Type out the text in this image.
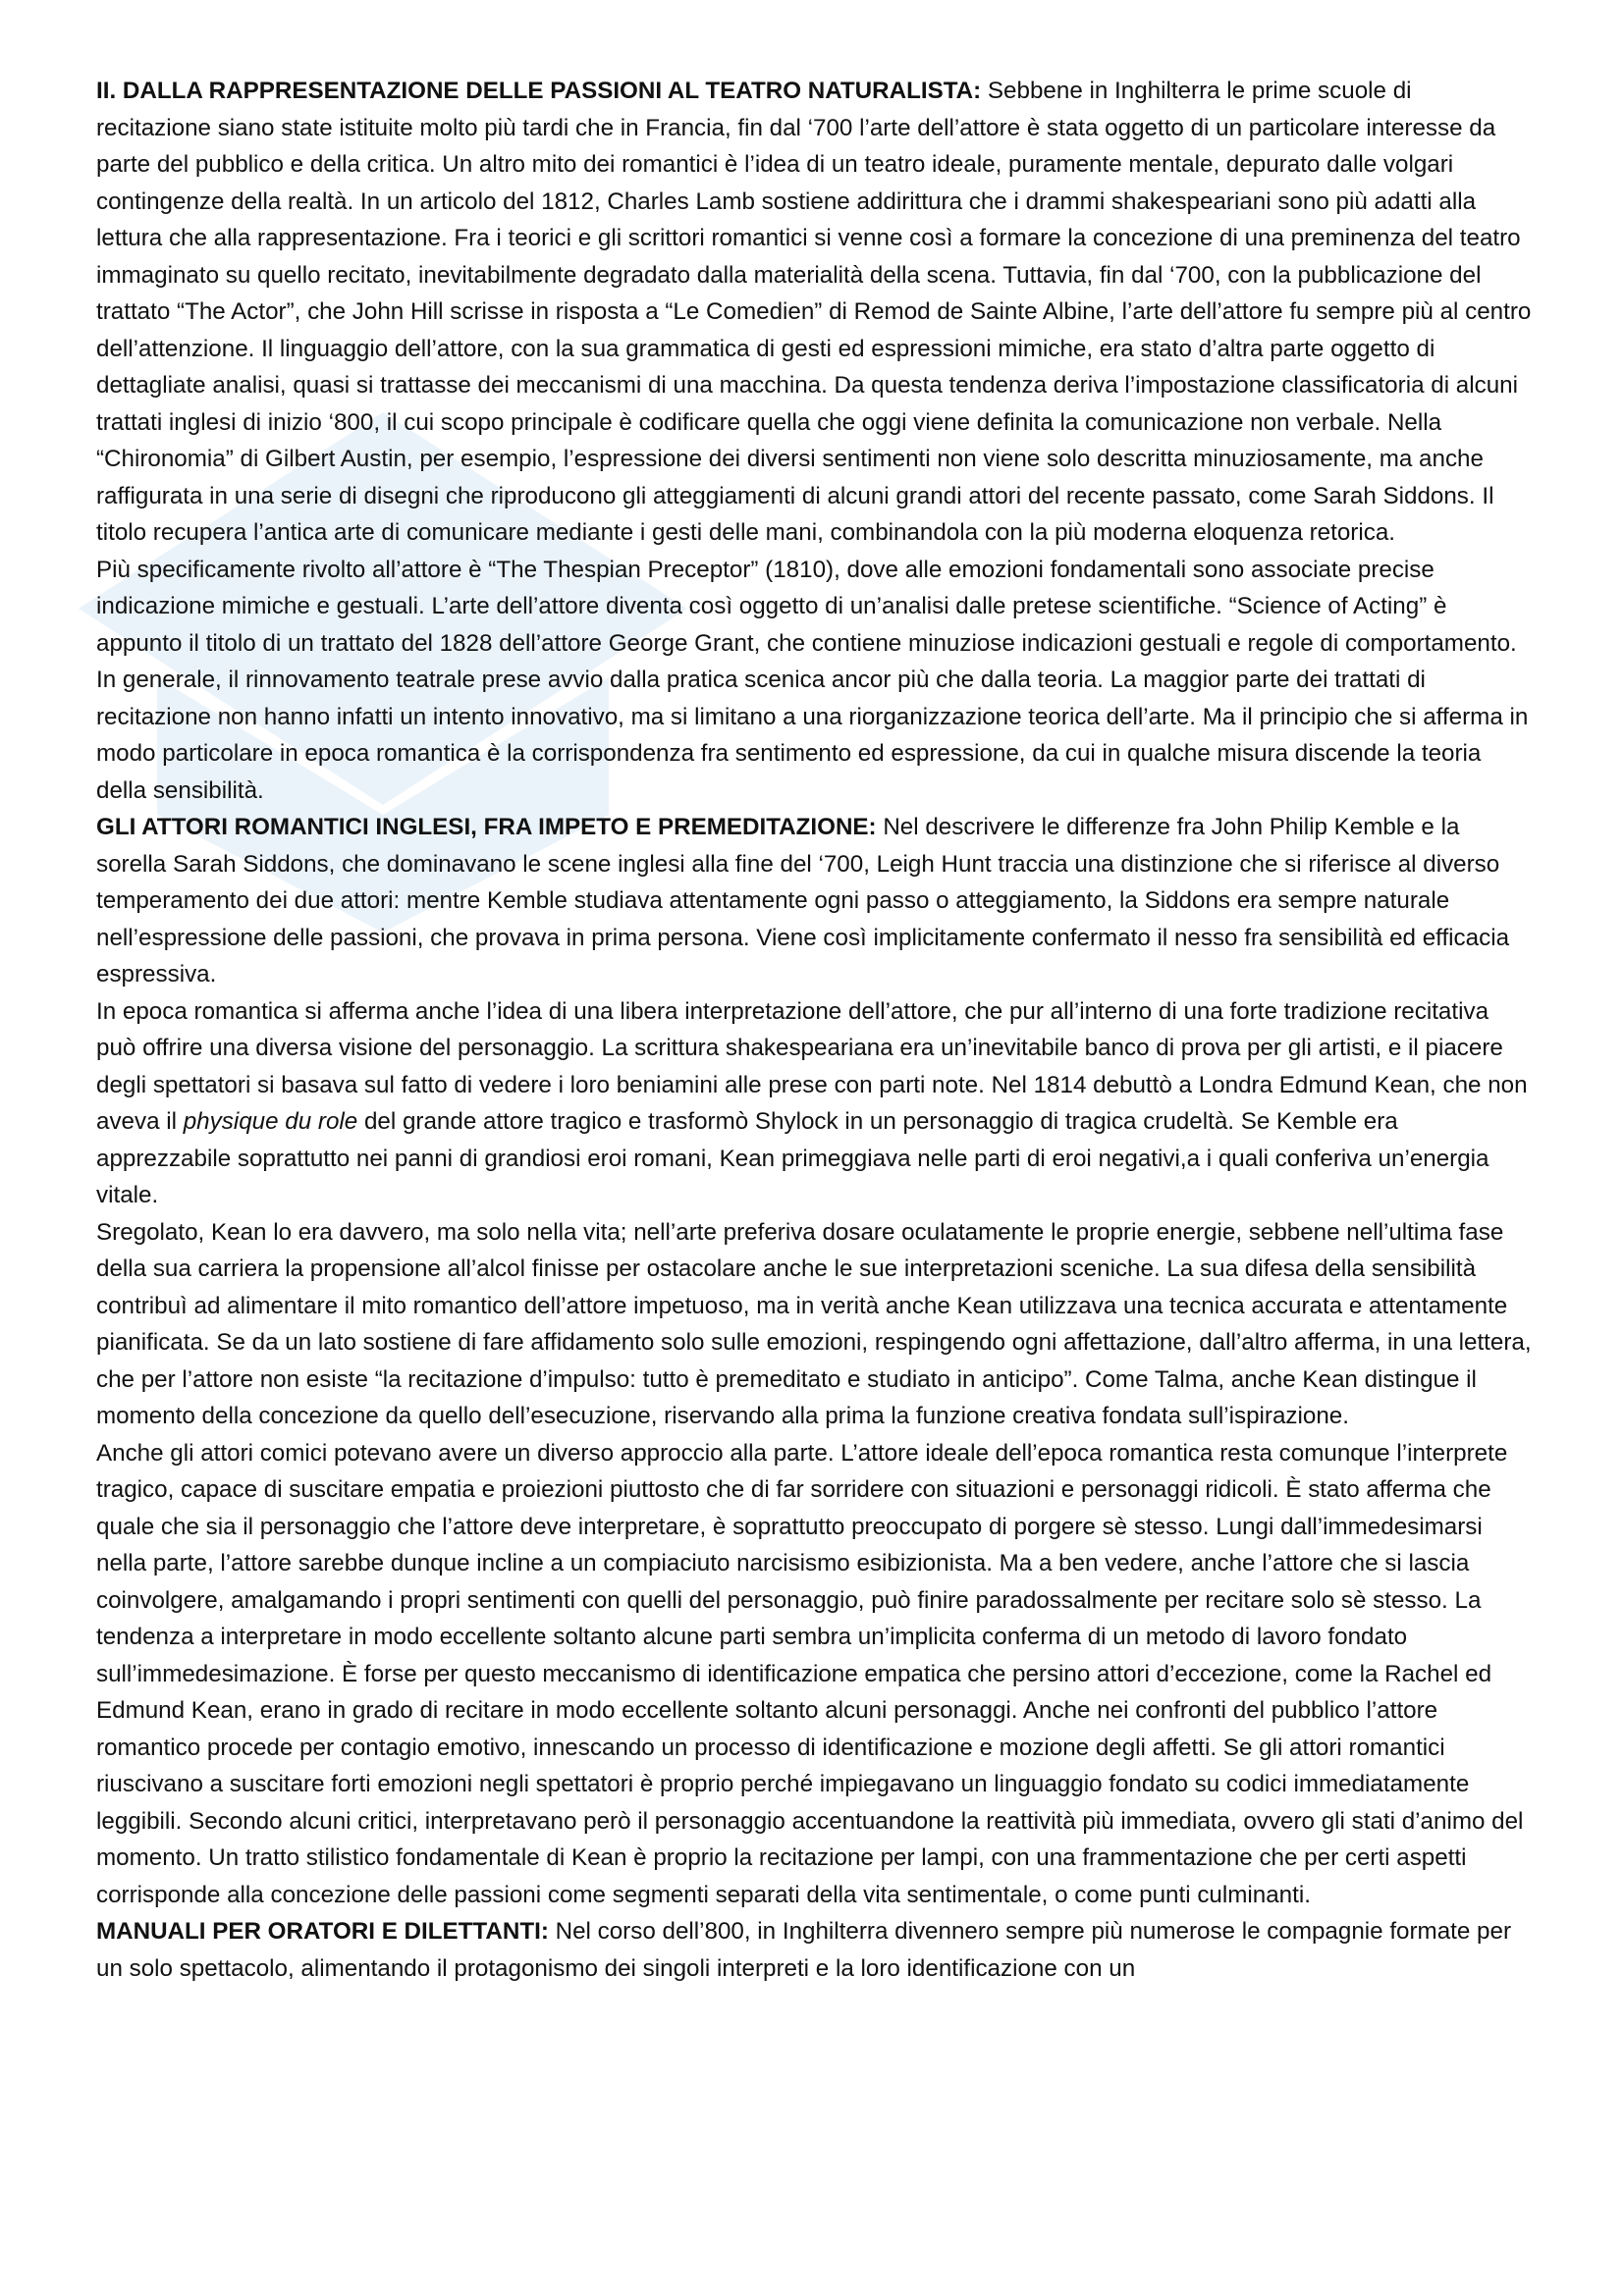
II. DALLA RAPPRESENTAZIONE DELLE PASSIONI AL TEATRO NATURALISTA: Sebbene in Inghilterra le prime scuole di recitazione siano state istituite molto più tardi che in Francia, fin dal ‘700 l’arte dell’attore è stata oggetto di un particolare interesse da parte del pubblico e della critica. Un altro mito dei romantici è l’idea di un teatro ideale, puramente mentale, depurato dalle volgari contingenze della realtà. In un articolo del 1812, Charles Lamb sostiene addirittura che i drammi shakespeariani sono più adatti alla lettura che alla rappresentazione. Fra i teorici e gli scrittori romantici si venne così a formare la concezione di una preminenza del teatro immaginato su quello recitato, inevitabilmente degradato dalla materialità della scena. Tuttavia, fin dal ‘700, con la pubblicazione del trattato “The Actor”, che John Hill scrisse in risposta a “Le Comedien” di Remod de Sainte Albine, l’arte dell’attore fu sempre più al centro dell’attenzione. Il linguaggio dell’attore, con la sua grammatica di gesti ed espressioni mimiche, era stato d’altra parte oggetto di dettagliate analisi, quasi si trattasse dei meccanismi di una macchina. Da questa tendenza deriva l’impostazione classificatoria di alcuni trattati inglesi di inizio ‘800, il cui scopo principale è codificare quella che oggi viene definita la comunicazione non verbale. Nella “Chironomia” di Gilbert Austin, per esempio, l’espressione dei diversi sentimenti non viene solo descritta minuziosamente, ma anche raffigurata in una serie di disegni che riproducono gli atteggiamenti di alcuni grandi attori del recente passato, come Sarah Siddons. Il titolo recupera l’antica arte di comunicare mediante i gesti delle mani, combinandola con la più moderna eloquenza retorica.

Più specificamente rivolto all’attore è “The Thespian Preceptor” (1810), dove alle emozioni fondamentali sono associate precise indicazione mimiche e gestuali. L’arte dell’attore diventa così oggetto di un’analisi dalle pretese scientifiche. “Science of Acting” è appunto il titolo di un trattato del 1828 dell’attore George Grant, che contiene minuziose indicazioni gestuali e regole di comportamento.

In generale, il rinnovamento teatrale prese avvio dalla pratica scenica ancor più che dalla teoria. La maggior parte dei trattati di recitazione non hanno infatti un intento innovativo, ma si limitano a una riorganizzazione teorica dell’arte. Ma il principio che si afferma in modo particolare in epoca romantica è la corrispondenza fra sentimento ed espressione, da cui in qualche misura discende la teoria della sensibilità.

GLI ATTORI ROMANTICI INGLESI, FRA IMPETO E PREMEDITAZIONE: Nel descrivere le differenze fra John Philip Kemble e la sorella Sarah Siddons, che dominavano le scene inglesi alla fine del ‘700, Leigh Hunt traccia una distinzione che si riferisce al diverso temperamento dei due attori: mentre Kemble studiava attentamente ogni passo o atteggiamento, la Siddons era sempre naturale nell’espressione delle passioni, che provava in prima persona. Viene così implicitamente confermato il nesso fra sensibilità ed efficacia espressiva.

In epoca romantica si afferma anche l’idea di una libera interpretazione dell’attore, che pur all’interno di una forte tradizione recitativa può offrire una diversa visione del personaggio. La scrittura shakespeariana era un’inevitabile banco di prova per gli artisti, e il piacere degli spettatori si basava sul fatto di vedere i loro beniamini alle prese con parti note. Nel 1814 debuttò a Londra Edmund Kean, che non aveva il physique du role del grande attore tragico e trasformò Shylock in un personaggio di tragica crudeltà. Se Kemble era apprezzabile soprattutto nei panni di grandiosi eroi romani, Kean primeggiava nelle parti di eroi negativi,a i quali conferiva un’energia vitale.

Sregolato, Kean lo era davvero, ma solo nella vita; nell’arte preferiva dosare oculatamente le proprie energie, sebbene nell’ultima fase della sua carriera la propensione all’alcol finisse per ostacolare anche le sue interpretazioni sceniche. La sua difesa della sensibilità contribuì ad alimentare il mito romantico dell’attore impetuoso, ma in verità anche Kean utilizzava una tecnica accurata e attentamente pianificata. Se da un lato sostiene di fare affidamento solo sulle emozioni, respingendo ogni affettazione, dall’altro afferma, in una lettera, che per l’attore non esiste “la recitazione d’impulso: tutto è premeditato e studiato in anticipo”. Come Talma, anche Kean distingue il momento della concezione da quello dell’esecuzione, riservando alla prima la funzione creativa fondata sull’ispirazione.

Anche gli attori comici potevano avere un diverso approccio alla parte. L’attore ideale dell’epoca romantica resta comunque l’interprete tragico, capace di suscitare empatia e proiezioni piuttosto che di far sorridere con situazioni e personaggi ridicoli. È stato afferma che quale che sia il personaggio che l’attore deve interpretare, è soprattutto preoccupato di porgere sè stesso. Lungi dall’immedesimarsi nella parte, l’attore sarebbe dunque incline a un compiaciuto narcisismo esibizionista. Ma a ben vedere, anche l’attore che si lascia coinvolgere, amalgamando i propri sentimenti con quelli del personaggio, può finire paradossalmente per recitare solo sè stesso. La tendenza a interpretare in modo eccellente soltanto alcune parti sembra un’implicita conferma di un metodo di lavoro fondato sull’immedesimazione. È forse per questo meccanismo di identificazione empatica che persino attori d’eccezione, come la Rachel ed Edmund Kean, erano in grado di recitare in modo eccellente soltanto alcuni personaggi. Anche nei confronti del pubblico l’attore romantico procede per contagio emotivo, innescando un processo di identificazione e mozione degli affetti. Se gli attori romantici riuscivano a suscitare forti emozioni negli spettatori è proprio perché impiegavano un linguaggio fondato su codici immediatamente leggibili. Secondo alcuni critici, interpretavano però il personaggio accentuandone la reattività più immediata, ovvero gli stati d’animo del momento. Un tratto stilistico fondamentale di Kean è proprio la recitazione per lampi, con una frammentazione che per certi aspetti corrisponde alla concezione delle passioni come segmenti separati della vita sentimentale, o come punti culminanti.

MANUALI PER ORATORI E DILETTANTI: Nel corso dell’800, in Inghilterra divennero sempre più numerose le compagnie formate per un solo spettacolo, alimentando il protagonismo dei singoli interpreti e la loro identificazione con un
